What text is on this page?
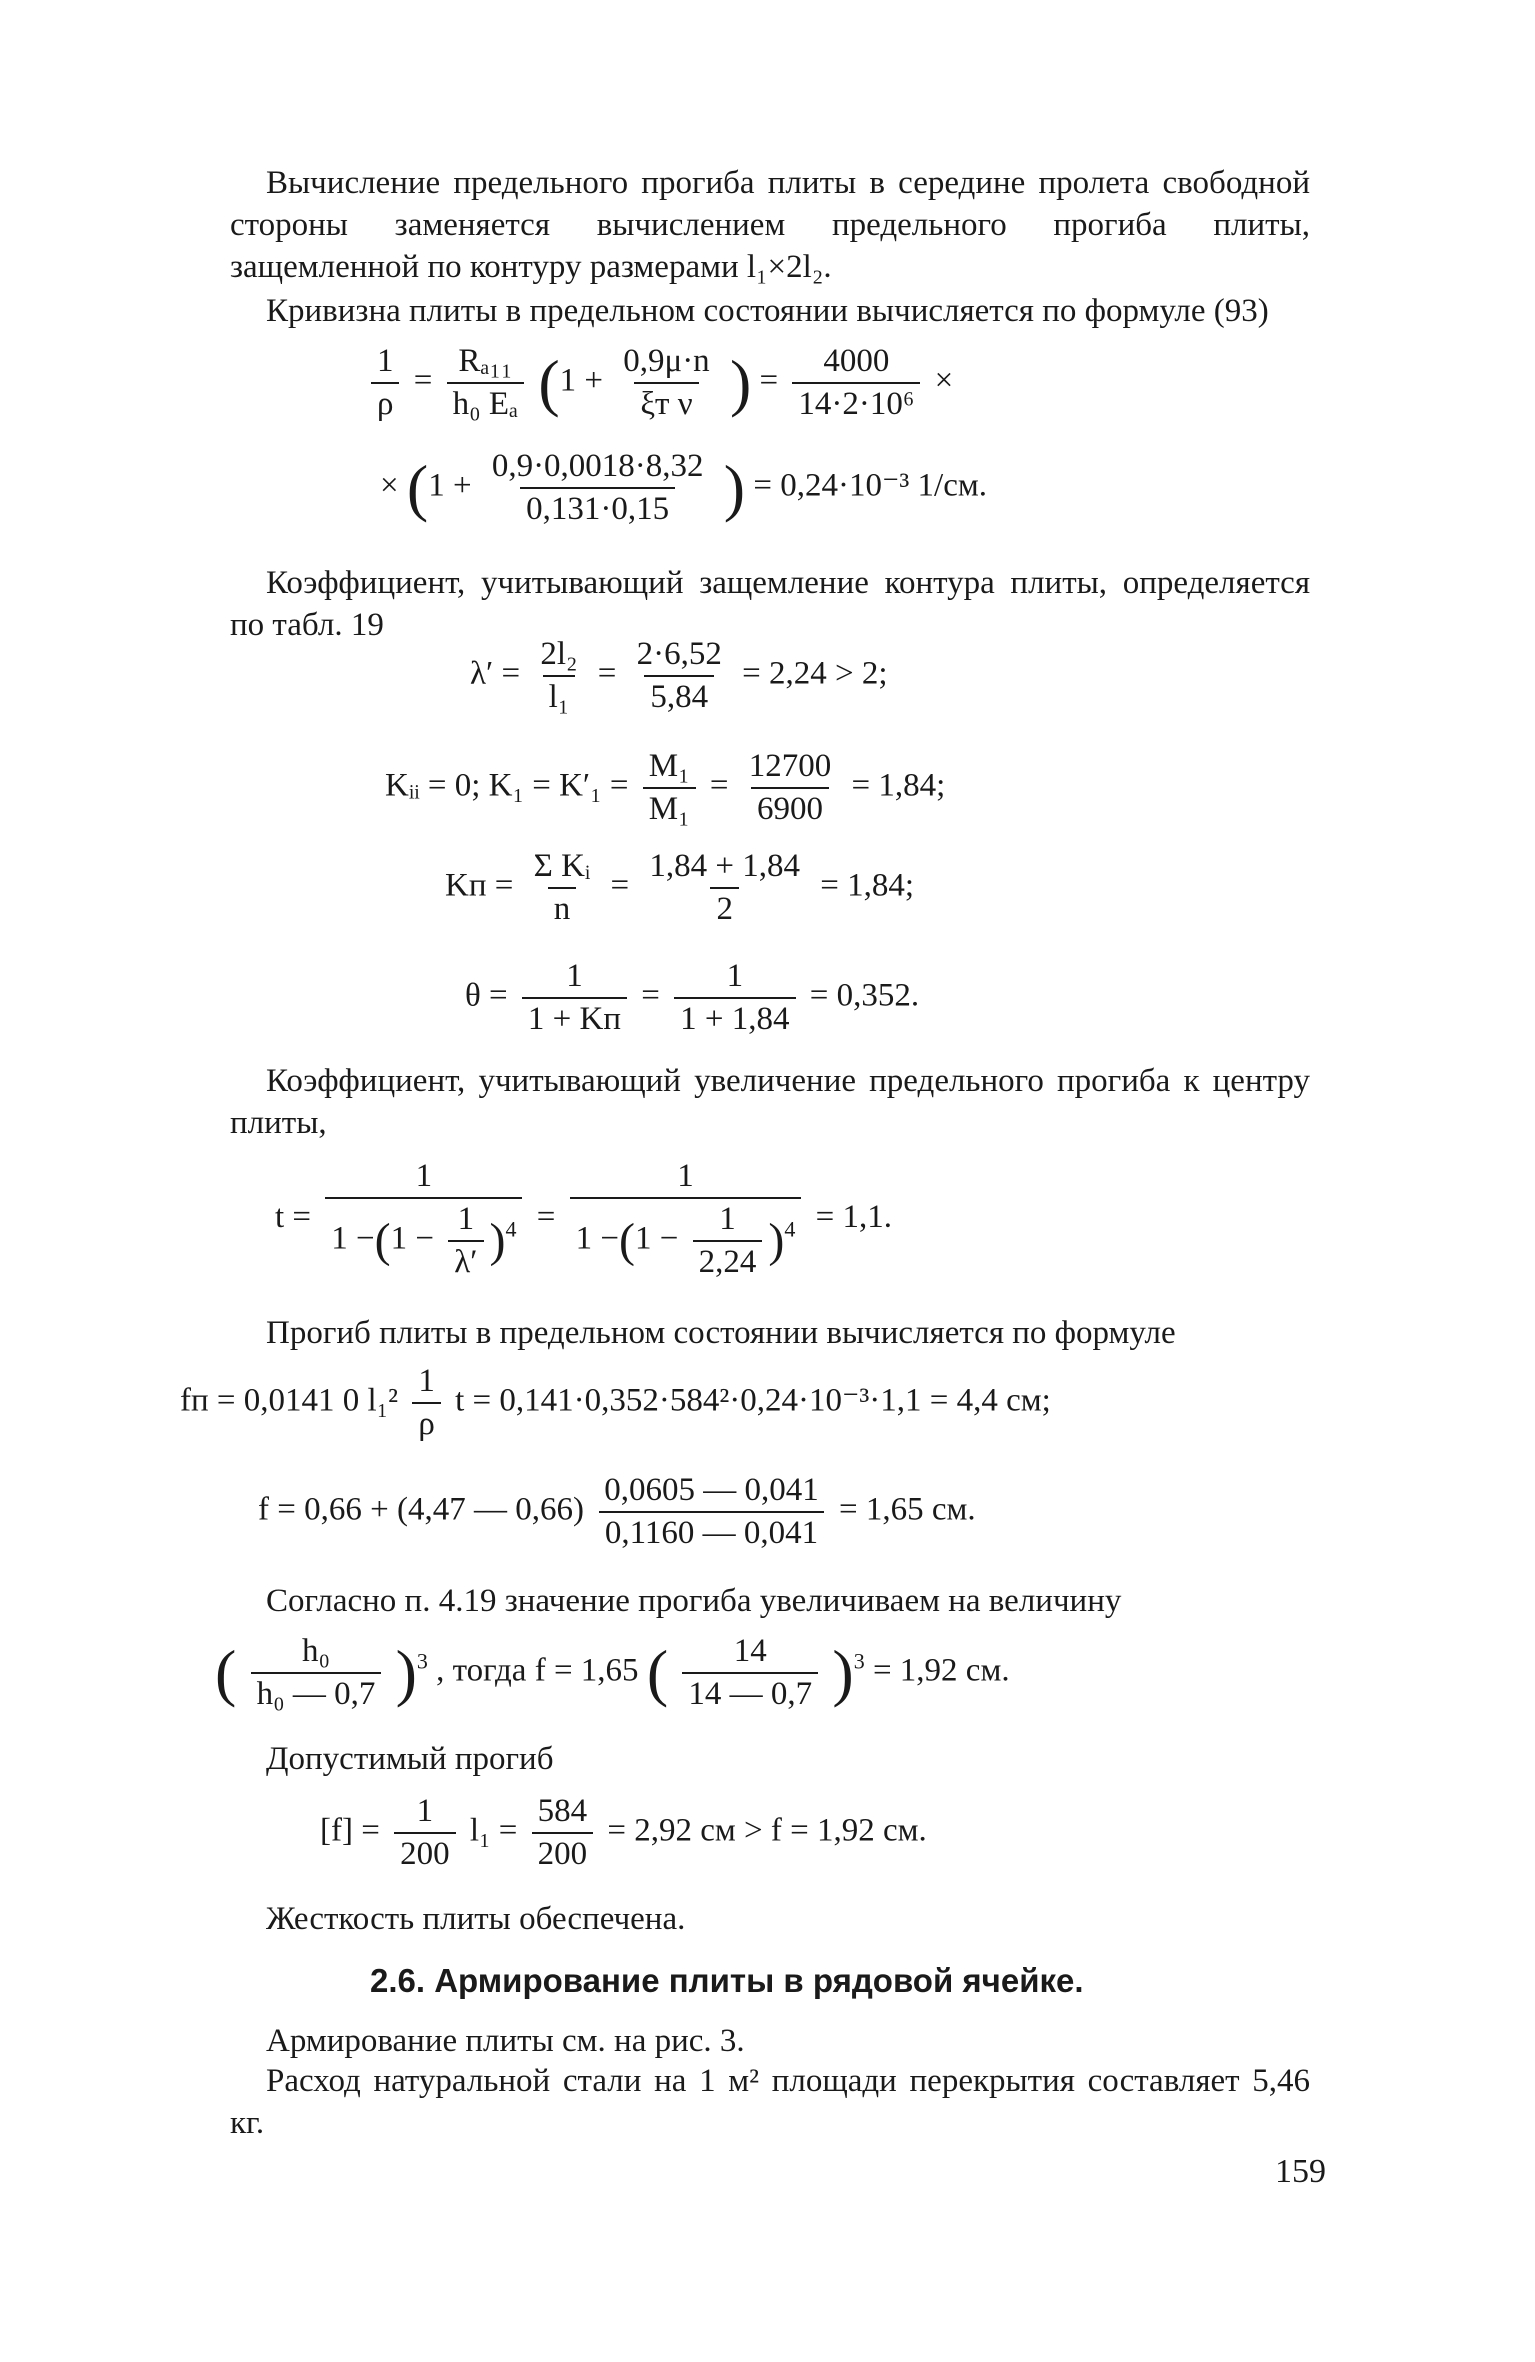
Вычисление предельного прогиба плиты в середине пролета свободной стороны заменяется вычислением предельного прогиба плиты, защемленной по контуру размерами l₁×2l₂.
Кривизна плиты в предельном состоянии вычисляется по формуле (93)
$\frac{1}{\rho} = \frac{\text{Rₐ₁₁}}{\text{h₀ Eₐ}} (1 + \frac{0,9\mu\cdot n}{\text{ξт ν}}$ ) = $\frac{4000}{\text{14·2·10⁶}}$ ×
× ($1 + \frac{0,9\cdot 0,0018\cdot 8,32}{0,131\cdot 0,15}$ ) = 0,24·10⁻³ 1/см.
Коэффициент, учитывающий защемление контура плиты, определяется по табл. 19
$\lambda' = \frac{\text{2l₂}}{\text{l₁}} = \frac{2\cdot 6,52}{5,84} = 2,24 > 2$;
Kᵢᵢ = 0; $K_1 = K'_1 = \frac{\text{M₁}}{\text{M₁}} = \frac{12700}{6900} = 1,84$;
Kп = $\frac{\text{Σ Kᵢ}}{n} = \frac{1,84 + 1,84}{2} = 1,84$;
$\theta = \frac{1}{1 + Kп} = \frac{1}{1 + 1,84} = 0,352$.
Коэффициент, учитывающий увеличение предельного прогиба к центру плиты,
$t = \frac{1}{1 -(1 - \frac{1}{\lambda'} )^4} = \frac{1}{1 -(1 - \frac{1}{2,24} )^4} = 1,1$.
Прогиб плиты в предельном состоянии вычисляется по формуле
fп = 0,0141 0 $l_1^2 \frac{1}{\rho}$ t = 0,141·0,352·584²·0,24·10⁻³·1,1 = 4,4 см;
f = 0,66 + (4,47 — $0,66) \frac{0,0605 — 0,041}{0,1160 — 0,041} = 1,65$ см.
Согласно п. 4.19 значение прогиба увеличиваем на величину
( $\frac{\text{h₀}}{\text{h₀ — 0,7}} )^3$ , тогда f = 1,65 ( $\frac{14}{14 — 0,7} )^3 = 1,92$ см.
Допустимый прогиб
$[f] = \frac{1}{200} l_1 = \frac{584}{200} = 2,92$ см > f = 1,92 см.
Жесткость плиты обеспечена.
2.6. Армирование плиты в рядовой ячейке.
Армирование плиты см. на рис. 3.
Расход натуральной стали на 1 м² площади перекрытия составляет 5,46 кг.
159
